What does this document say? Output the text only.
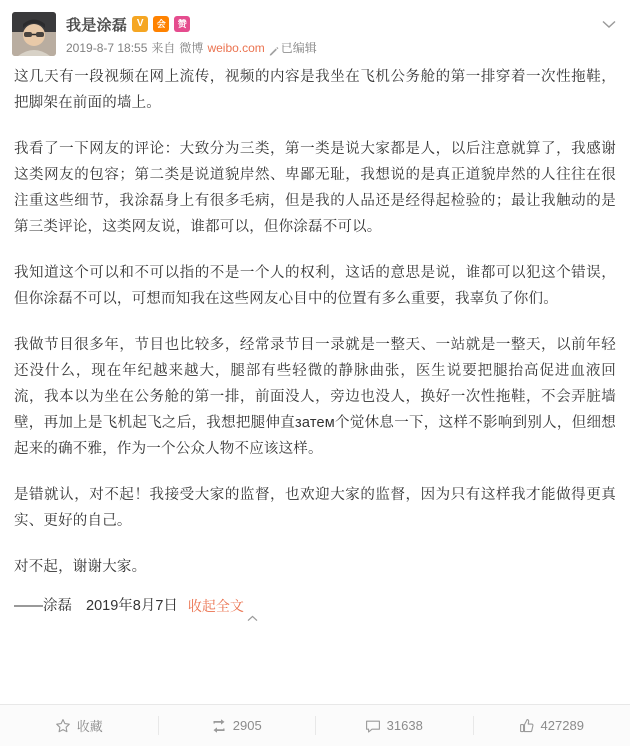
我是涂磊 V	会 赞
2019-8-7 18:55 来自 微博 weibo.com 已编辑

这几天有一段视频在网上流传，视频的内容是我坐在飞机公务舱的第一排穿着一次性拖鞋，把脚架在前面的墙上。

我看了一下网友的评论：大致分为三类，第一类是说大家都是人，以后注意就算了，我感谢这类网友的包容；第二类是说道貌岸然、卑鄙无耻，我想说的是真正道貌岸然的人往往在很注重这些细节，我涂磊身上有很多毛病，但是我的人品还是经得起检验的；最让我触动的是第三类评论，这类网友说，谁都可以，但你涂磊不可以。

我知道这个可以和不可以指的不是一个人的权利，这话的意思是说，谁都可以犯这个错误，但你涂磊不可以，可想而知我在这些网友心目中的位置有多么重要，我辜负了你们。

我做节目很多年，节目也比较多，经常录节目一录就是一整天、一站就是一整天，以前年轻还没什么，现在年纪越来越大，腿部有些轻微的静脉曲张，医生说要把腿抬高促进血液回流，我本以为坐在公务舱的第一排，前面没人，旁边也没人，换好一次性拖鞋，不会弄脏墙壁，再加上是飞机起飞之后，我想把腿伸直затем个觉休息一下，这样不影响到别人，但细想起来的确不雅，作为一个公众人物不应该这样。

是错就认，对不起！我接受大家的监督，也欢迎大家的监督，因为只有这样我才能做得更真实、更好的自己。

对不起，谢谢大家。

——涂磊 2019年8月7日 收起全文
收藏	2905	31638	427289
